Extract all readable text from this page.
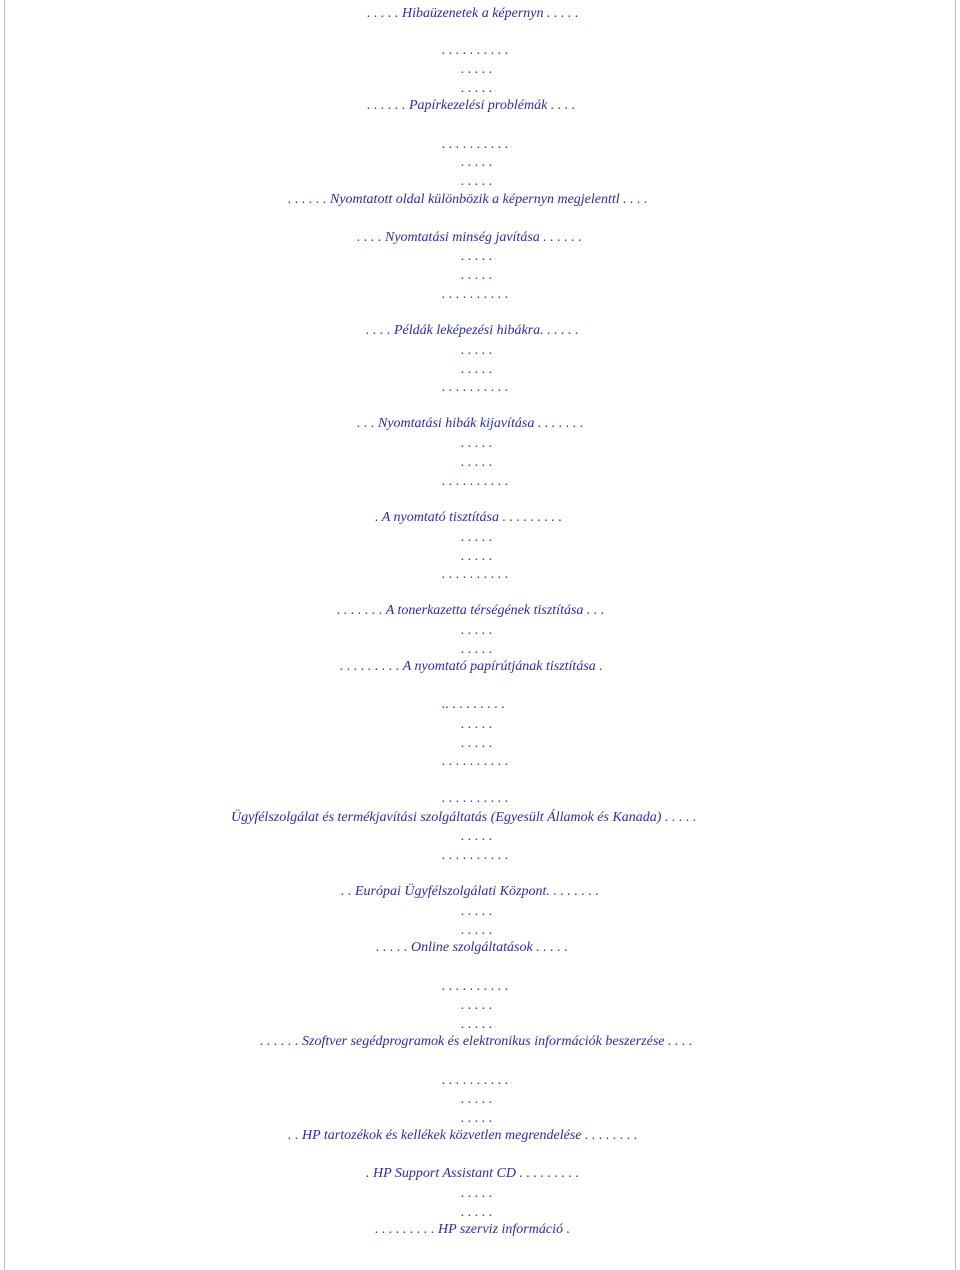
. . . . . Hibaüzenetek a képernyn . . . . .
. . . . . . . . . .
. . . . .
. . . . .
. . . . . . Papírkezelési problémák . . . .
. . . . . . . . . .
. . . . .
. . . . .
. . . . . . Nyomtatott oldal különbözik a képernyn megjelenttl . . . .
. . . . Nyomtatási minség javítása . . . . . .
. . . . .
. . . . .
. . . . . . . . . .
. . . . Példák leképezési hibákra. . . . . .
. . . . .
. . . . .
. . . . . . . . . .
. . . Nyomtatási hibák kijavítása . . . . . . .
. . . . .
. . . . .
. . . . . . . . . .
. A nyomtató tisztítása . . . . . . . . .
. . . . .
. . . . .
. . . . . . . . . .
. . . . . . . A tonerkazetta térségének tisztítása . . .
. . . . .
. . . . .
. . . . . . . . . A nyomtató papírútjának tisztítása .
.. . . . . . . . .
. . . . .
. . . . .
. . . . . . . . . .
. . . . . . . . . .
Ügyfélszolgálat és termékjavítási szolgáltatás (Egyesült Államok és Kanada) . . . . .
. . . . .
. . . . . . . . . .
. . Európai Ügyfélszolgálati Központ. . . . . . . .
. . . . .
. . . . .
. . . . . Online szolgáltatások . . . . .
. . . . . . . . . .
. . . . .
. . . . .
. . . . . . Szoftver segédprogramok és elektronikus információk beszerzése . . . .
. . . . . . . . . .
. . . . .
. . . . .
. . HP tartozékok és kellékek közvetlen megrendelése . . . . . . . .
. HP Support Assistant CD . . . . . . . . .
. . . . .
. . . . .
. . . . . . . . . HP szerviz információ .
